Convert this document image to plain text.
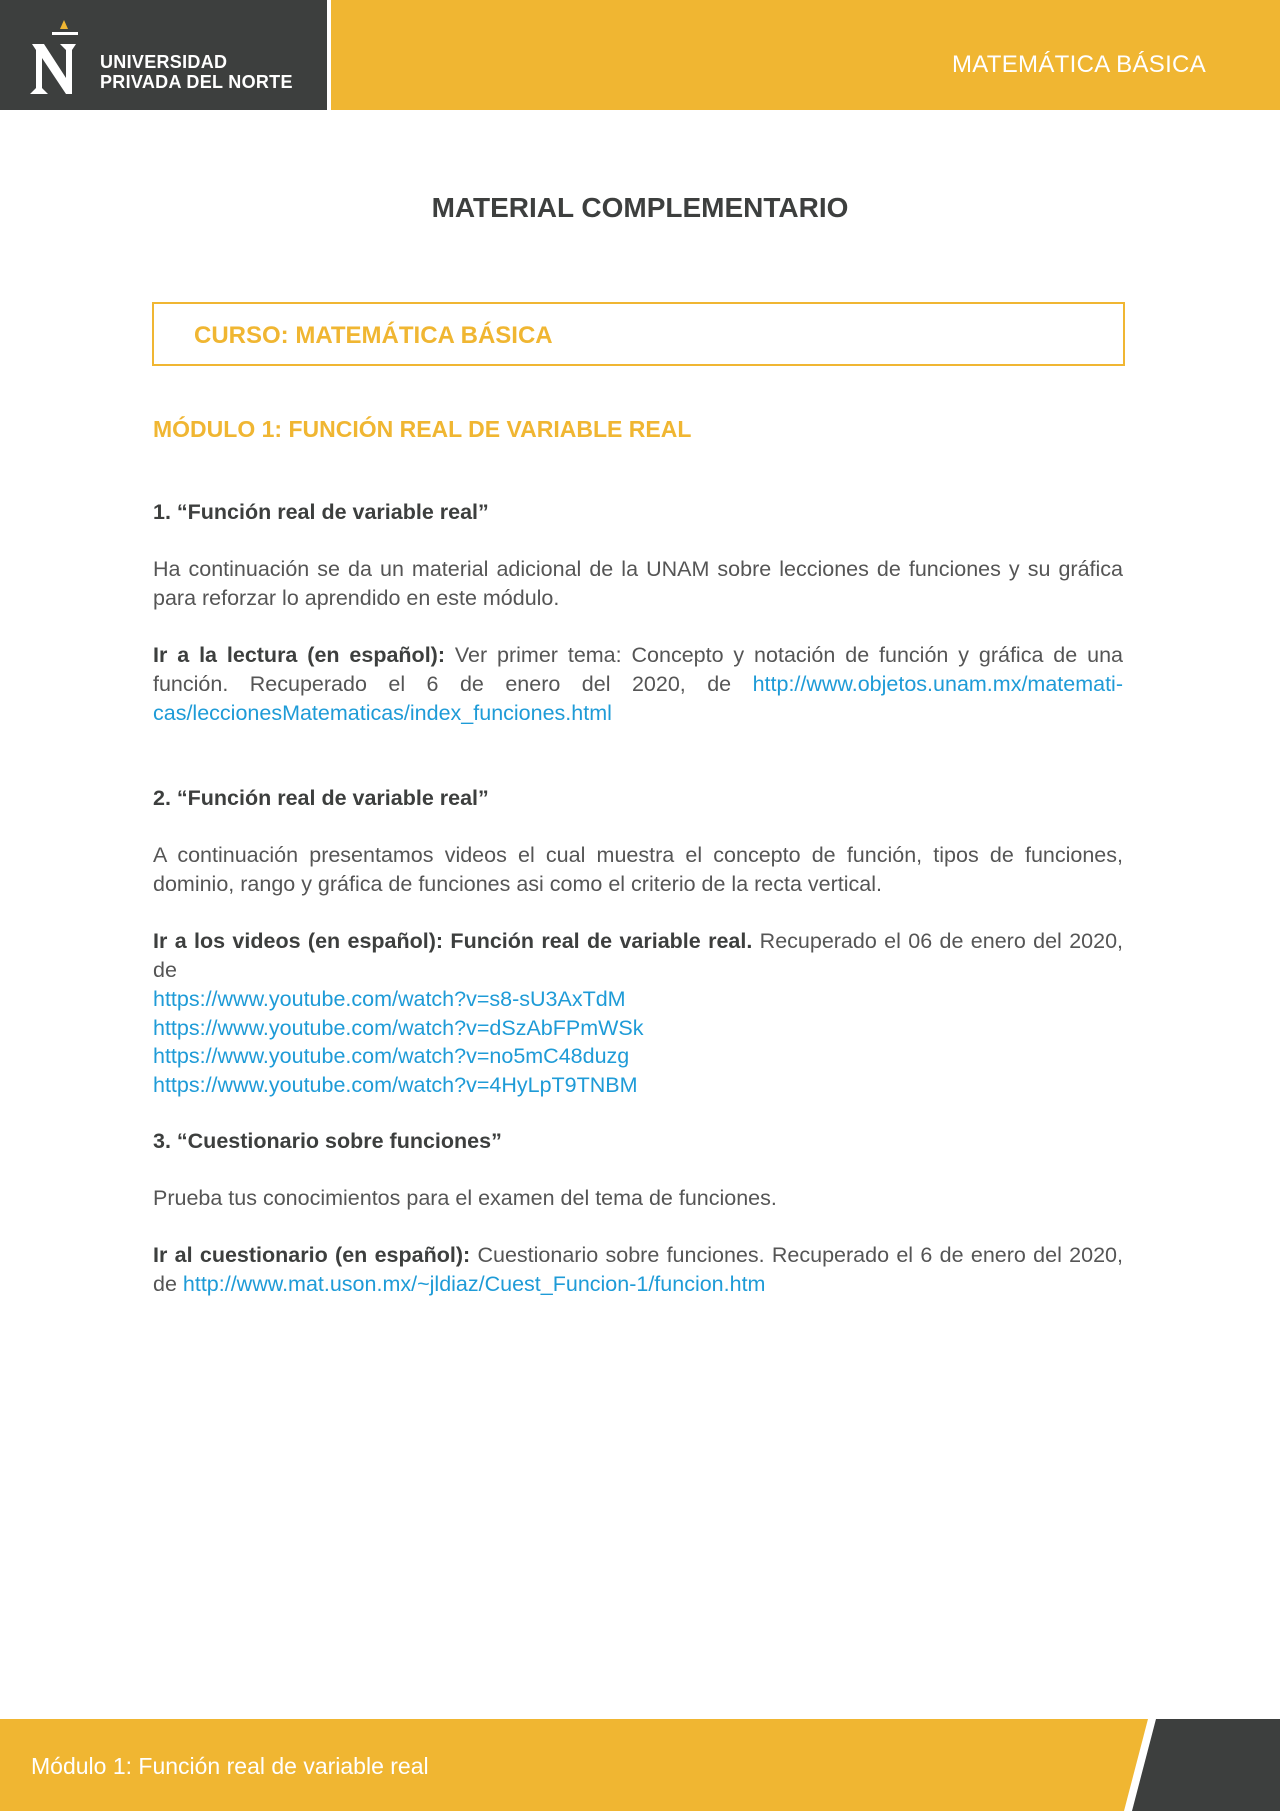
UNIVERSIDAD
PRIVADA DEL NORTE
MATEMÁTICA BÁSICA
MATERIAL COMPLEMENTARIO
CURSO: MATEMÁTICA BÁSICA
MÓDULO 1: FUNCIÓN REAL DE VARIABLE REAL
1. “Función real de variable real”

Ha continuación se da un material adicional de la UNAM sobre lecciones de funciones y su gráfica para reforzar lo aprendido en este módulo.

Ir a la lectura (en español): Ver primer tema: Concepto y notación de función y gráfica de una función. Recuperado el 6 de enero del 2020, de http://www.objetos.unam.mx/matemati-cas/leccionesMatematicas/index_funciones.html

2. “Función real de variable real”

A continuación presentamos videos el cual muestra el concepto de función, tipos de funciones, dominio, rango y gráfica de funciones asi como el criterio de la recta vertical.

Ir a los videos (en español): Función real de variable real. Recuperado el 06 de enero del 2020, de

https://www.youtube.com/watch?v=s8-sU3AxTdM
https://www.youtube.com/watch?v=dSzAbFPmWSk
https://www.youtube.com/watch?v=no5mC48duzg
https://www.youtube.com/watch?v=4HyLpT9TNBM
3. “Cuestionario sobre funciones”

Prueba tus conocimientos para el examen del tema de funciones.

Ir al cuestionario (en español): Cuestionario sobre funciones. Recuperado el 6 de enero del 2020, de http://www.mat.uson.mx/~jldiaz/Cuest_Funcion-1/funcion.htm

Módulo 1: Función real de variable real
